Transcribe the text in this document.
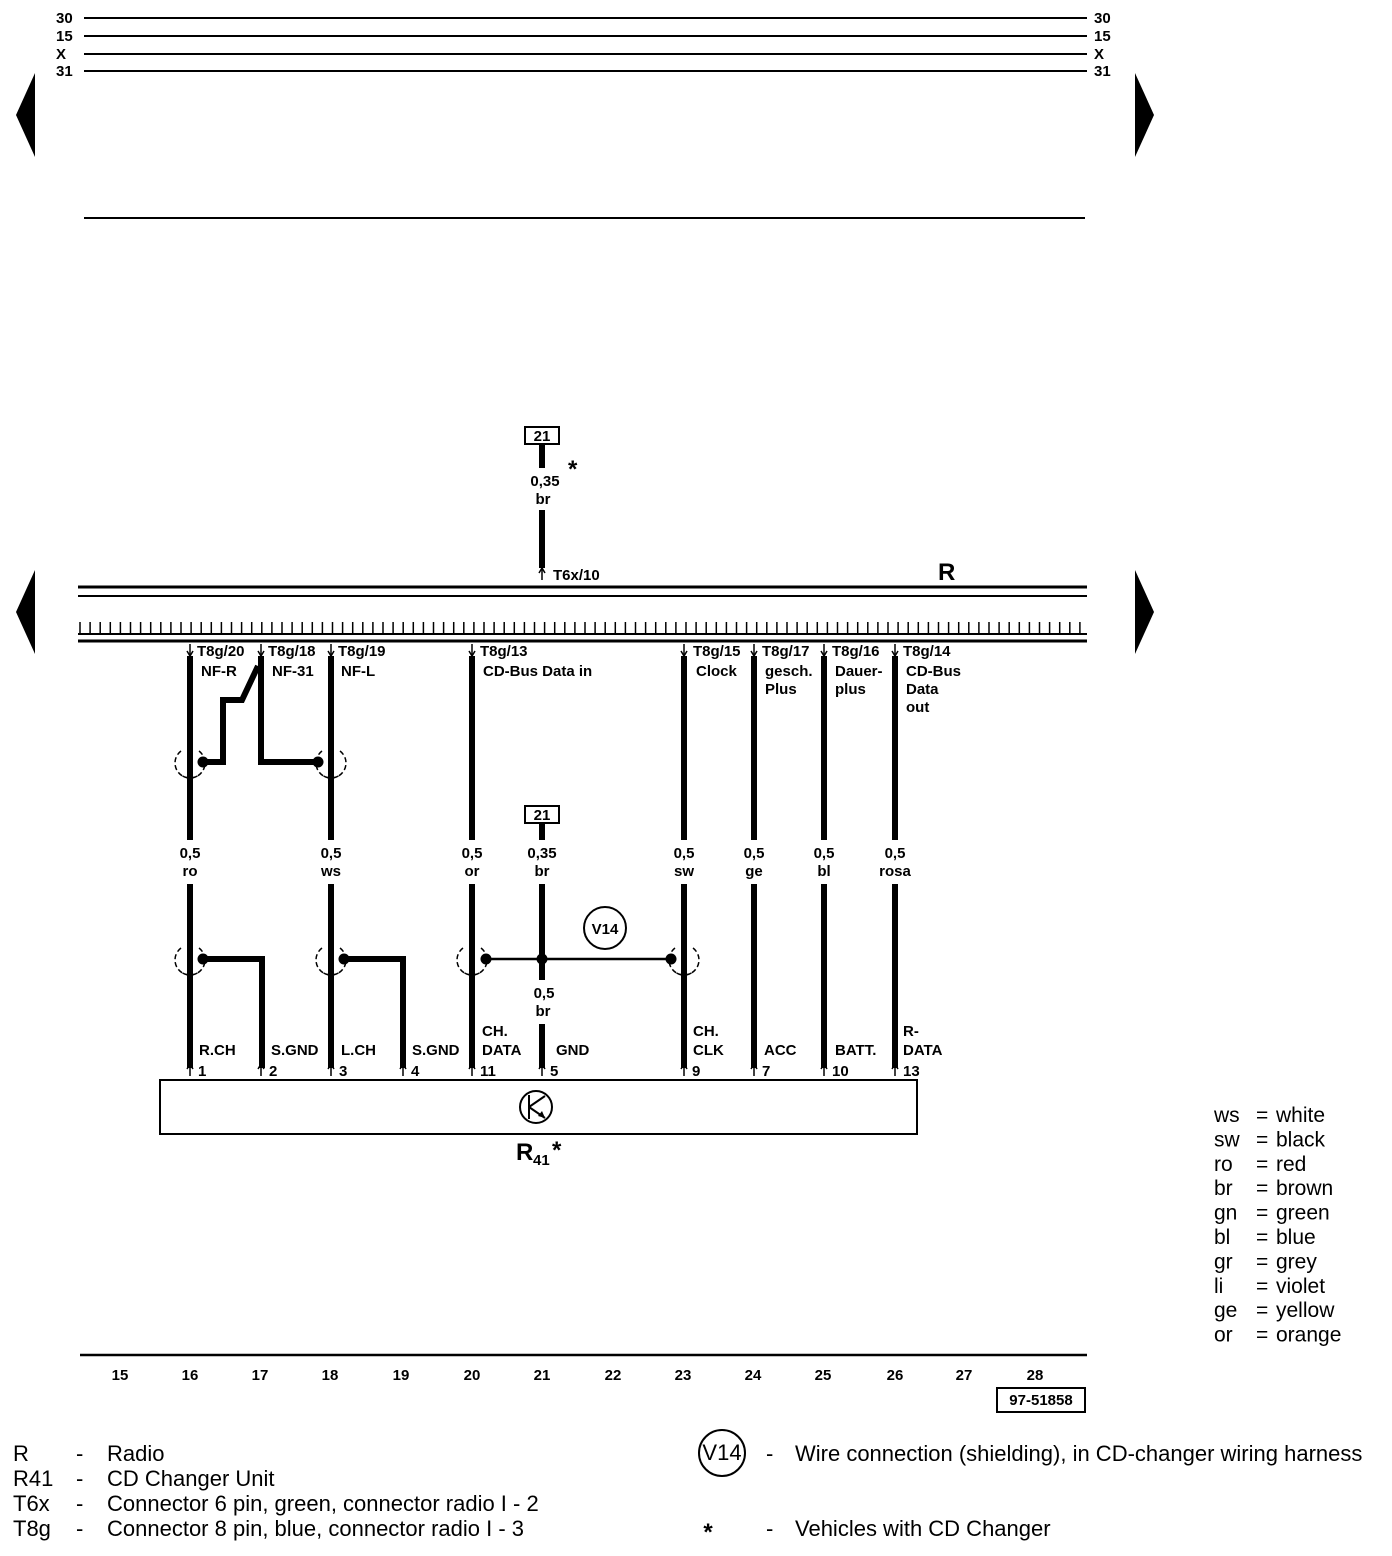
30	30
15	15
X	X
31	31
R
21
0,35 *
br
T6x/10
T8g/20
NF-R
T8g/18
NF-31
T8g/19
NF-L
T8g/13
CD-Bus Data in
T8g/15
Clock
T8g/17
gesch.
Plus
T8g/16
Dauer-
plus
T8g/14
CD-Bus
Data
out
21
0,5
ro
0,5
ws
0,5
or
0,35
br
0,5
sw
0,5
ge
0,5
bl
0,5
rosa
0,5
br
V14
1
R.CH
2
S.GND
3
L.CH
4
S.GND
11
CH.
DATA
5
GND
9
CH.
CLK
7
ACC
10
BATT.
13
R-
DATA
R 41 *
15	16	17	18	19	20	21	22	23	24	25	26	27	28
97-51858
ws = white
sw = black
ro = red
br = brown
gn = green
bl = blue
gr = grey
li = violet
ge = yellow
or = orange
R - Radio
R41 - CD Changer Unit
T6x - Connector 6 pin, green, connector radio I - 2
T8g - Connector 8 pin, blue, connector radio I - 3
V14 - Wire connection (shielding), in CD-changer wiring harness
* - Vehicles with CD Changer
